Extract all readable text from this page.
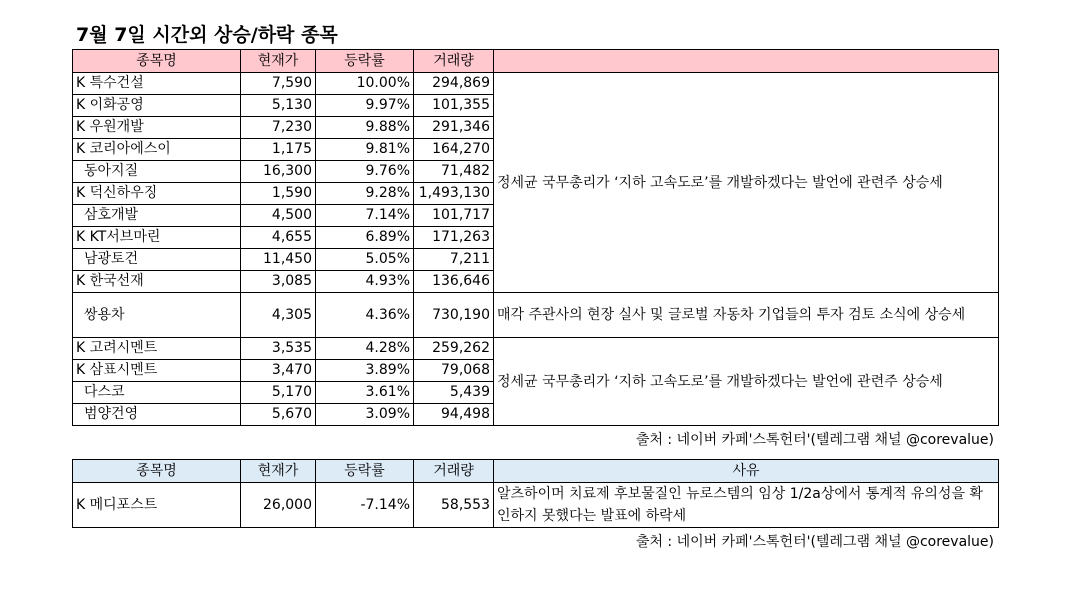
7월 7일 시간외 상승/하락 종목
종목명	현재가	등락률	거래량	
K 특수건설	7,590	10.00%	294,869	정세균 국무총리가 ‘지하 고속도로’를 개발하겠다는 발언에 관련주 상승세
K 이화공영	5,130	9.97%	101,355	
K 우원개발	7,230	9.88%	291,346	
K 코리아에스이	1,175	9.81%	164,270	
동아지질	16,300	9.76%	71,482	
K 덕신하우징	1,590	9.28%	1,493,130	
삼호개발	4,500	7.14%	101,717	
K KT서브마린	4,655	6.89%	171,263	
남광토건	11,450	5.05%	7,211	
K 한국선재	3,085	4.93%	136,646	
쌍용차	4,305	4.36%	730,190	매각 주관사의 현장 실사 및 글로벌 자동차 기업들의 투자 검토 소식에 상승세
K 고려시멘트	3,535	4.28%	259,262	정세균 국무총리가 ‘지하 고속도로’를 개발하겠다는 발언에 관련주 상승세
K 삼표시멘트	3,470	3.89%	79,068	
다스코	5,170	3.61%	5,439	
범양건영	5,670	3.09%	94,498	
출처 : 네이버 카페'스톡헌터'(텔레그램 채널 @corevalue)
종목명	현재가	등락률	거래량	사유
K 메디포스트	26,000	-7.14%	58,553	알츠하이머 치료제 후보물질인 뉴로스템의 임상 1/2a상에서 통계적 유의성을 확인하지 못했다는 발표에 하락세
출처 : 네이버 카페'스톡헌터'(텔레그램 채널 @corevalue)
